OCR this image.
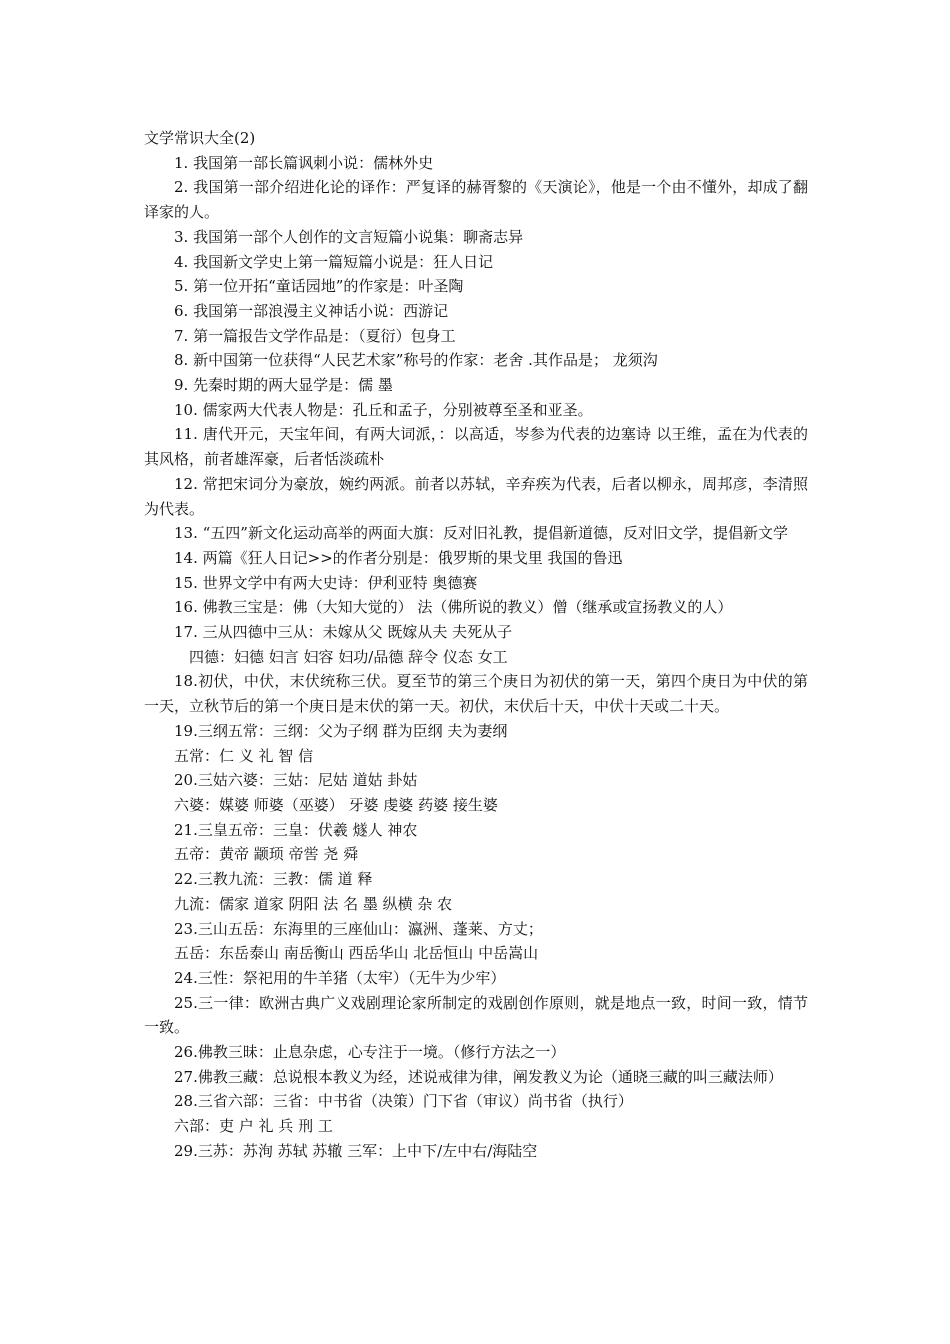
文学常识大全(2)
1. 我国第一部长篇讽刺小说：儒林外史
2. 我国第一部介绍进化论的译作：严复译的赫胥黎的《天演论》，他是一个由不懂外，却成了翻译家的人。
3. 我国第一部个人创作的文言短篇小说集：聊斋志异
4. 我国新文学史上第一篇短篇小说是：狂人日记
5. 第一位开拓“童话园地”的作家是：叶圣陶
6. 我国第一部浪漫主义神话小说：西游记
7. 第一篇报告文学作品是：（夏衍）包身工
8. 新中国第一位获得“人民艺术家”称号的作家：老舍 .其作品是； 龙须沟
9. 先秦时期的两大显学是：儒 墨
10. 儒家两大代表人物是：孔丘和孟子，分别被尊至圣和亚圣。
11. 唐代开元，天宝年间，有两大词派，：以高适，岑参为代表的边塞诗 以王维，孟在为代表的其风格，前者雄浑豪，后者恬淡疏朴
12. 常把宋词分为豪放，婉约两派。前者以苏轼，辛弃疾为代表，后者以柳永，周邦彦，李清照为代表。
13. “五四”新文化运动高举的两面大旗：反对旧礼教，提倡新道德，反对旧文学，提倡新文学
14. 两篇《狂人日记>>的作者分别是：俄罗斯的果戈里 我国的鲁迅
15. 世界文学中有两大史诗：伊利亚特 奥德赛
16. 佛教三宝是：佛（大知大觉的） 法（佛所说的教义）僧（继承或宣扬教义的人）
17. 三从四德中三从：未嫁从父 既嫁从夫 夫死从子
四德：妇德 妇言 妇容 妇功/品德 辞令 仪态 女工
18.初伏，中伏，末伏统称三伏。夏至节的第三个庚日为初伏的第一天，第四个庚日为中伏的第一天，立秋节后的第一个庚日是末伏的第一天。初伏，末伏后十天，中伏十天或二十天。
19.三纲五常：三纲：父为子纲 群为臣纲 夫为妻纲
五常：仁 义 礼 智 信
20.三姑六婆：三姑：尼姑 道姑 卦姑
六婆：媒婆 师婆（巫婆） 牙婆 虔婆 药婆 接生婆
21.三皇五帝：三皇：伏羲 燧人 神农
五帝：黄帝 颛顼 帝喾 尧 舜
22.三教九流：三教：儒 道 释
九流：儒家 道家 阴阳 法 名 墨 纵横 杂 农
23.三山五岳：东海里的三座仙山：瀛洲、蓬莱、方丈；
五岳：东岳泰山 南岳衡山 西岳华山 北岳恒山 中岳嵩山
24.三性：祭祀用的牛羊猪（太牢）（无牛为少牢）
25.三一律：欧洲古典广义戏剧理论家所制定的戏剧创作原则，就是地点一致，时间一致，情节一致。
26.佛教三昧：止息杂虑，心专注于一境。（修行方法之一）
27.佛教三藏：总说根本教义为经，述说戒律为律，阐发教义为论（通晓三藏的叫三藏法师）
28.三省六部：三省：中书省（决策）门下省（审议）尚书省（执行）
六部：吏 户 礼 兵 刑 工
29.三苏：苏洵 苏轼 苏辙 三军：上中下/左中右/海陆空
